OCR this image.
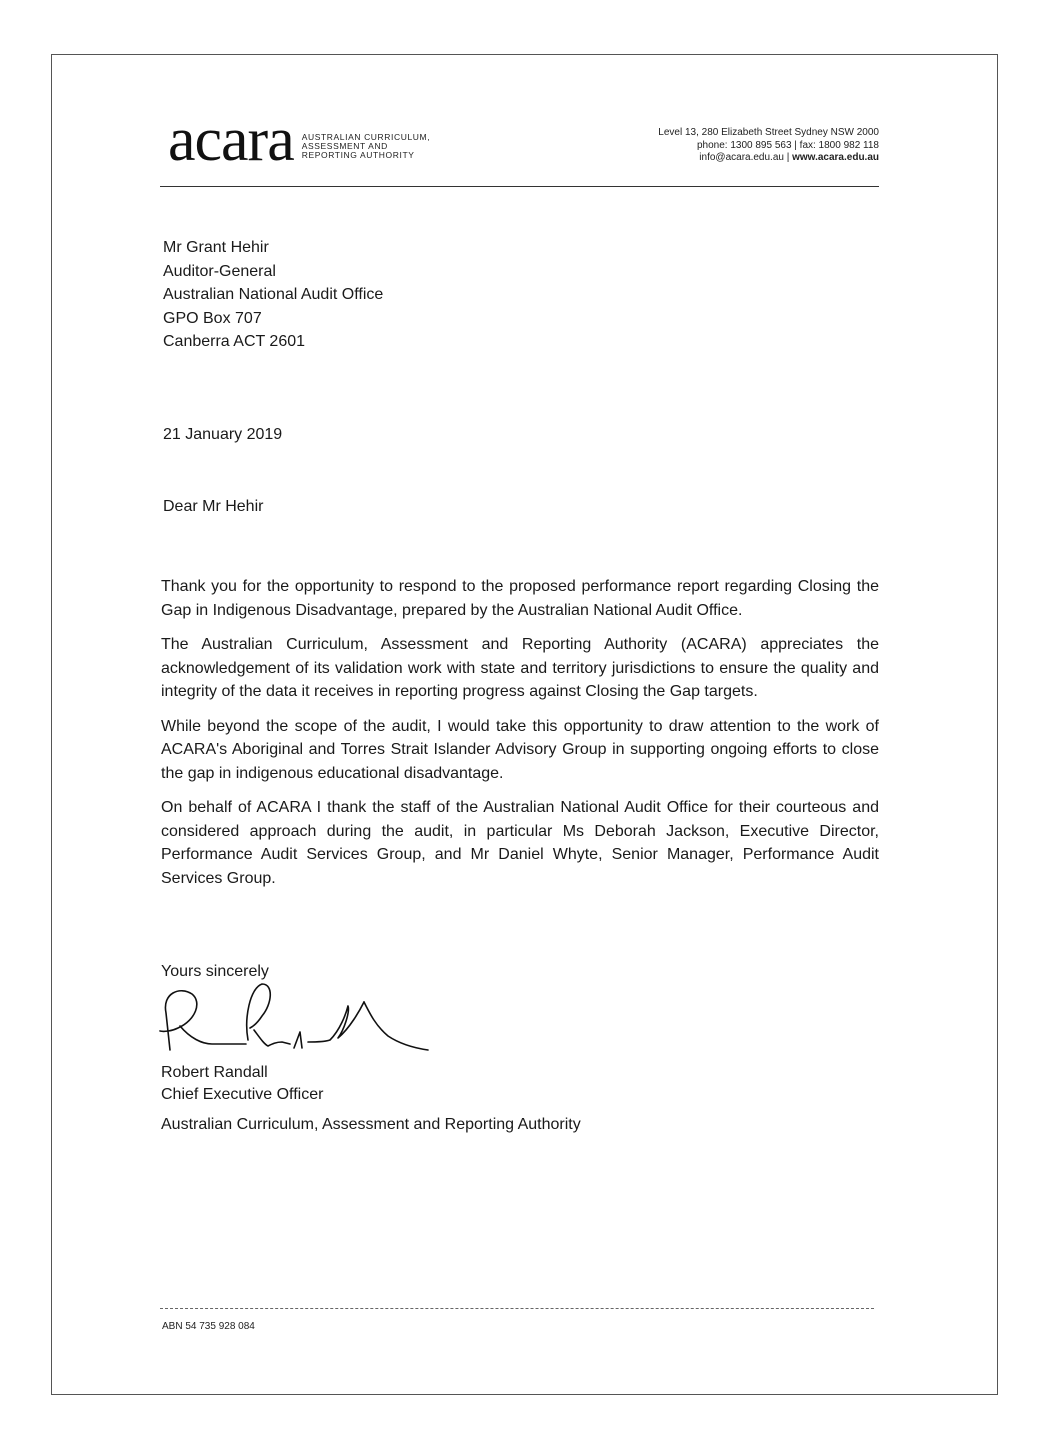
acara AUSTRALIAN CURRICULUM,
ASSESSMENT AND
REPORTING AUTHORITY
Level 13, 280 Elizabeth Street Sydney NSW 2000
phone: 1300 895 563 | fax: 1800 982 118
info@acara.edu.au | www.acara.edu.au
Mr Grant Hehir
Auditor-General
Australian National Audit Office
GPO Box 707
Canberra ACT 2601
21 January 2019
Dear Mr Hehir

Thank you for the opportunity to respond to the proposed performance report regarding Closing the Gap in Indigenous Disadvantage, prepared by the Australian National Audit Office.

The Australian Curriculum, Assessment and Reporting Authority (ACARA) appreciates the acknowledgement of its validation work with state and territory jurisdictions to ensure the quality and integrity of the data it receives in reporting progress against Closing the Gap targets.

While beyond the scope of the audit, I would take this opportunity to draw attention to the work of ACARA's Aboriginal and Torres Strait Islander Advisory Group in supporting ongoing efforts to close the gap in indigenous educational disadvantage.

On behalf of ACARA I thank the staff of the Australian National Audit Office for their courteous and considered approach during the audit, in particular Ms Deborah Jackson, Executive Director, Performance Audit Services Group, and Mr Daniel Whyte, Senior Manager, Performance Audit Services Group.

Yours sincerely
Robert Randall
Chief Executive Officer
Australian Curriculum, Assessment and Reporting Authority
ABN 54 735 928 084
